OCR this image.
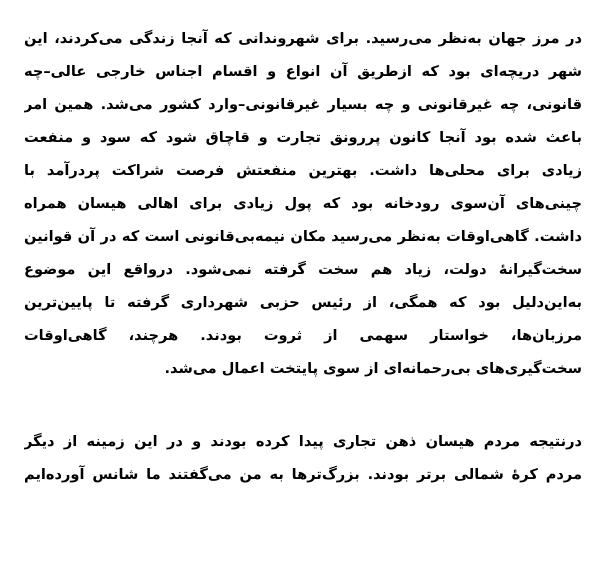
در مرز جهان به‌نظر می‌رسید. برای شهروندانی که آنجا زندگی می‌کردند، این
شهر دریچه‌ای بود که ازطریق آن انواع و اقسام اجناس خارجی عالی–چه
قانونی، چه غیرقانونی و چه بسیار غیرقانونی–وارد کشور می‌شد. همین امر
باعث شده بود آنجا کانون پررونق تجارت و قاچاق شود که سود و منفعت
زیادی برای محلی‌ها داشت. بهترین منفعتش فرصت شراکت پردرآمد با
چینی‌های آن‌سوی رودخانه بود که پول زیادی برای اهالی هیسان همراه
داشت. گاهی‌اوقات به‌نظر می‌رسید مکان نیمه‌بی‌قانونی است که در آن قوانین
سخت‌گیرانهٔ دولت، زیاد هم سخت گرفته نمی‌شود. درواقع این موضوع
به‌این‌دلیل بود که همگی، از رئیس حزبی شهرداری گرفته تا پایین‌ترین
مرزبان‌ها، خواستار سهمی از ثروت بودند. هرچند، گاهی‌اوقات
سخت‌گیری‌های بی‌رحمانه‌ای از سوی پایتخت اعمال می‌شد.
درنتیجه مردم هیسان ذهن تجاری پیدا کرده بودند و در این زمینه از دیگر
مردم کرهٔ شمالی برتر بودند. بزرگ‌ترها به من می‌گفتند ما شانس آورده‌ایم
